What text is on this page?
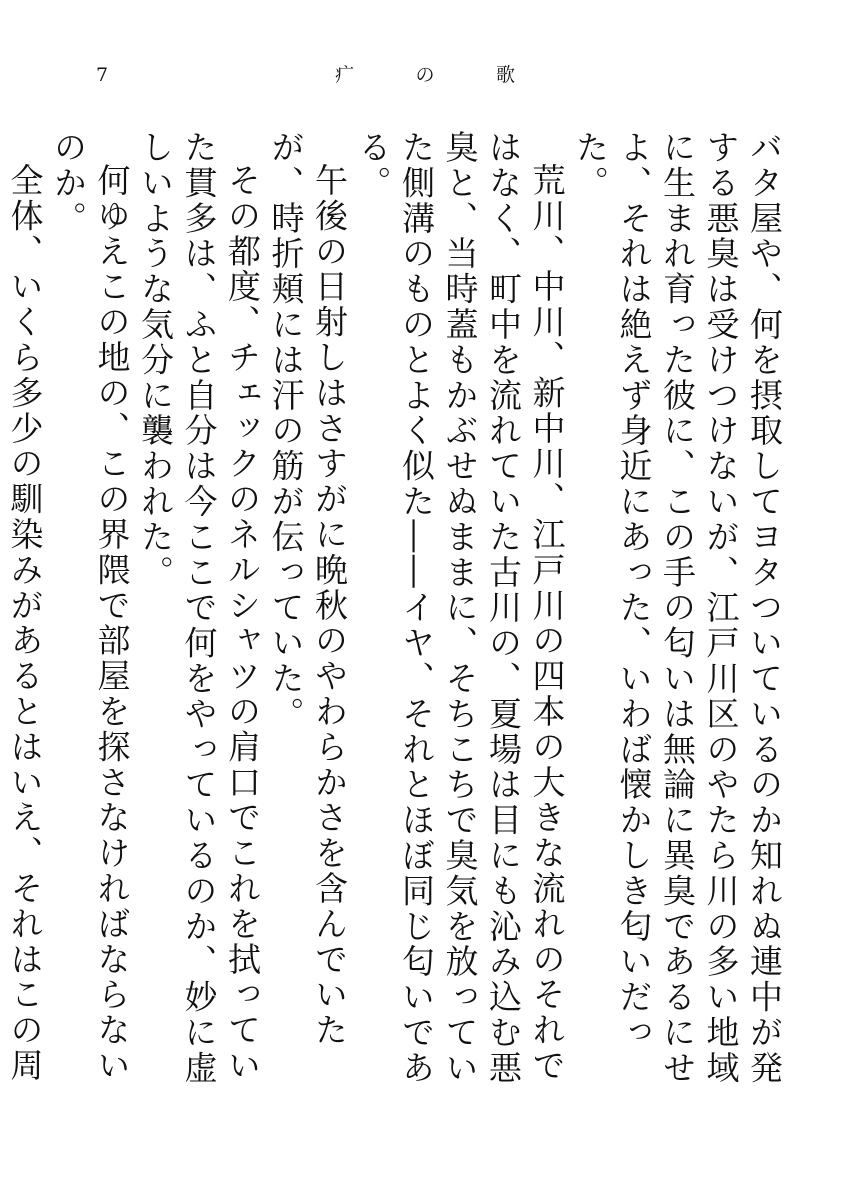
7	疒	の	歌

バタ屋や、何を摂取してヨタついているのか知れぬ連中が発する悪臭は受けつけないが、江戸川区のやたら川の多い地域に生まれ育った彼に、この手の匂いは無論に異臭であるにせよ、それは絶えず身近にあった、いわば懐かしき匂いだった。

荒川、中川、新中川、江戸川の四本の大きな流れのそれではなく、町中を流れていた古川の、夏場は目にも沁み込む悪臭と、当時蓋もかぶせぬままに、そちこちで臭気を放っていた側溝のものとよく似た――イヤ、それとほぼ同じ匂いである。

午後の日射しはさすがに晩秋のやわらかさを含んでいたが、時折頬には汗の筋が伝っていた。

その都度、チェックのネルシャツの肩口でこれを拭っていた貫多は、ふと自分は今ここで何をやっているのか、妙に虚しいような気分に襲われた。

何ゆえこの地の、この界隈で部屋を探さなければならないのか。

全体、いくら多少の馴染みがあるとはいえ、それはこの周
